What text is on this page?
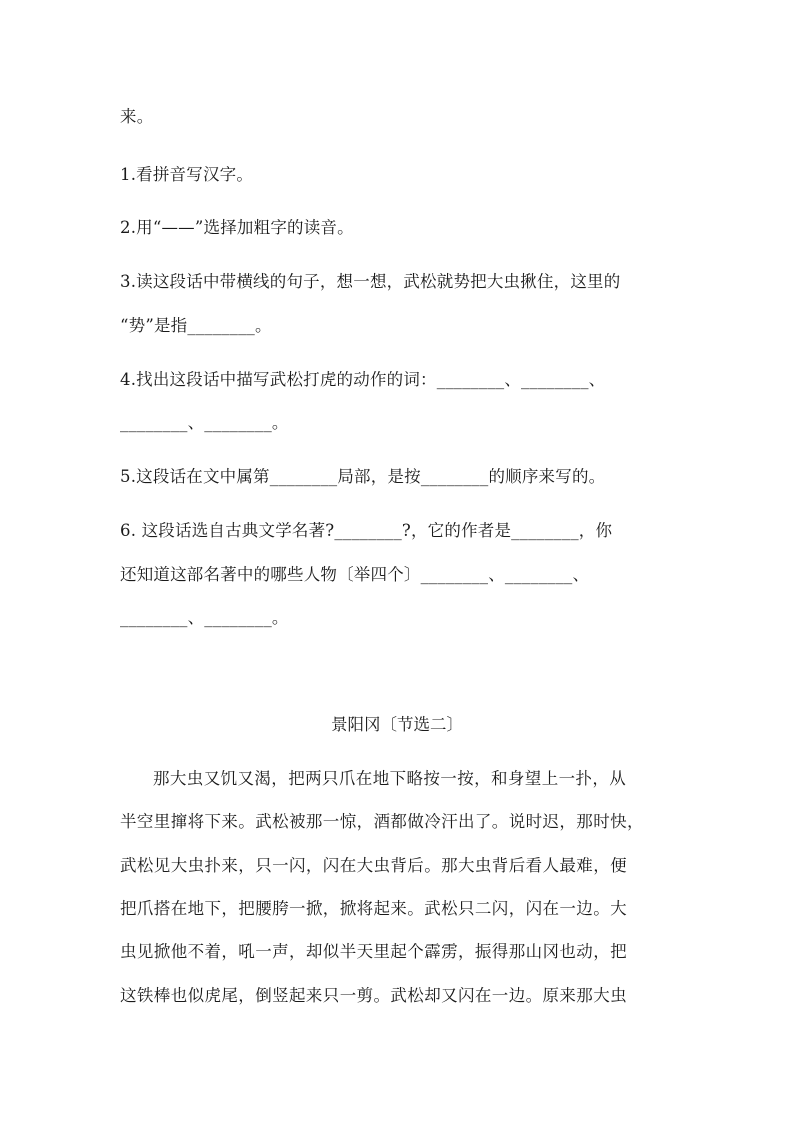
来。
1.看拼音写汉字。
2.用“——”选择加粗字的读音。
3.读这段话中带横线的句子，想一想，武松就势把大虫揪住，这里的
“势”是指________。
4.找出这段话中描写武松打虎的动作的词：________、________、
________、________。
5.这段话在文中属第________局部，是按________的顺序来写的。
6. 这段话选自古典文学名著?________?，它的作者是________，你
还知道这部名著中的哪些人物〔举四个〕________、________、
________、________。
景阳冈〔节选二〕
那大虫又饥又渴，把两只爪在地下略按一按，和身望上一扑，从
半空里撺将下来。武松被那一惊，酒都做冷汗出了。说时迟，那时快，
武松见大虫扑来，只一闪，闪在大虫背后。那大虫背后看人最难，便
把爪搭在地下，把腰胯一掀，掀将起来。武松只二闪，闪在一边。大
虫见掀他不着，吼一声，却似半天里起个霹雳，振得那山冈也动，把
这铁棒也似虎尾，倒竖起来只一剪。武松却又闪在一边。原来那大虫
